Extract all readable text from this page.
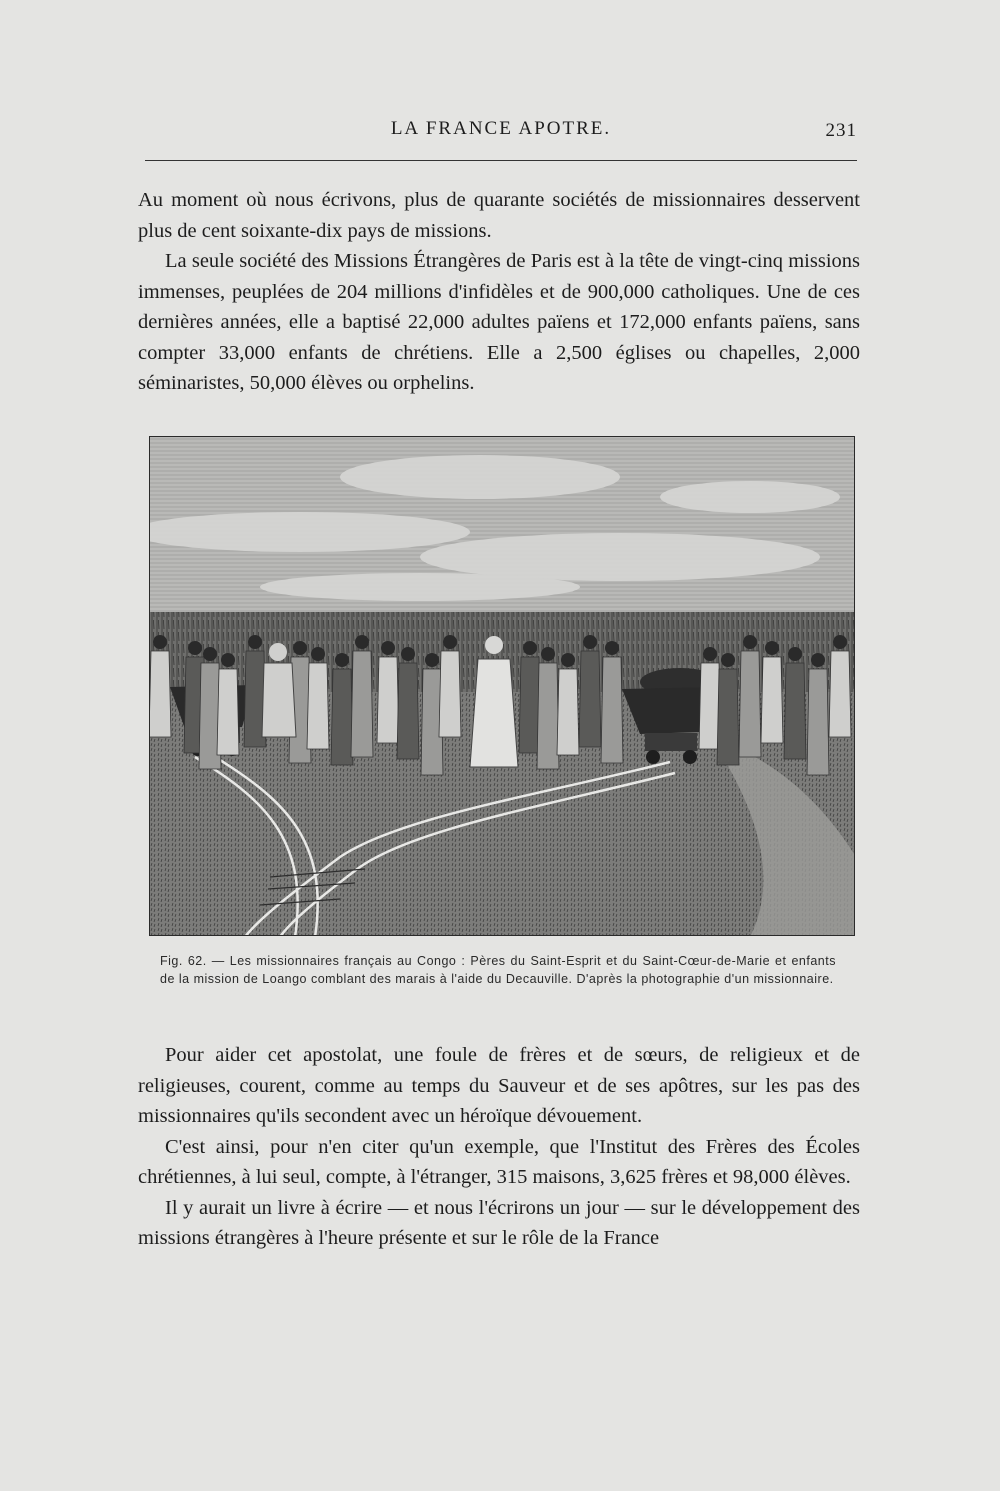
LA FRANCE APOTRE.	231

Au moment où nous écrivons, plus de quarante sociétés de missionnaires desservent plus de cent soixante-dix pays de missions.

La seule société des Missions Étrangères de Paris est à la tête de vingt-cinq missions immenses, peuplées de 204 millions d'infidèles et de 900,000 catholiques. Une de ces dernières années, elle a baptisé 22,000 adultes païens et 172,000 enfants païens, sans compter 33,000 enfants de chrétiens. Elle a 2,500 églises ou chapelles, 2,000 séminaristes, 50,000 élèves ou orphelins.

Fig. 62. — Les missionnaires français au Congo : Pères du Saint-Esprit et du Saint-Cœur-de-Marie et enfants de la mission de Loango comblant des marais à l'aide du Decauville. D'après la photographie d'un missionnaire.

Pour aider cet apostolat, une foule de frères et de sœurs, de religieux et de religieuses, courent, comme au temps du Sauveur et de ses apôtres, sur les pas des missionnaires qu'ils secondent avec un héroïque dévouement.

C'est ainsi, pour n'en citer qu'un exemple, que l'Institut des Frères des Écoles chrétiennes, à lui seul, compte, à l'étranger, 315 maisons, 3,625 frères et 98,000 élèves.

Il y aurait un livre à écrire — et nous l'écrirons un jour — sur le développement des missions étrangères à l'heure présente et sur le rôle de la France
